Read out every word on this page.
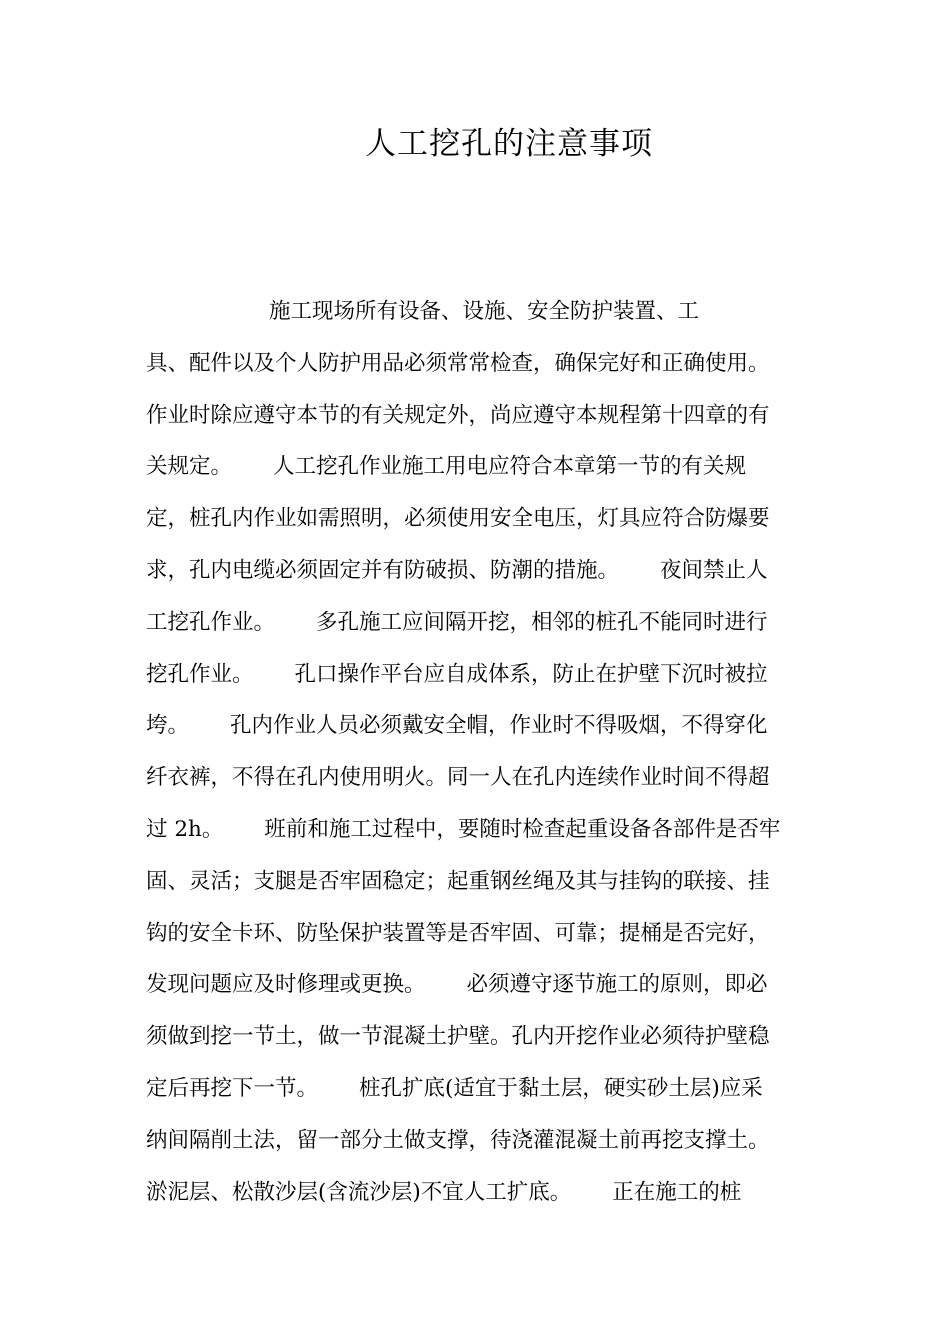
人工挖孔的注意事项
施工现场所有设备、设施、安全防护装置、工
具、配件以及个人防护用品必须常常检查，确保完好和正确使用。
作业时除应遵守本节的有关规定外，尚应遵守本规程第十四章的有
关规定。      人工挖孔作业施工用电应符合本章第一节的有关规
定，桩孔内作业如需照明，必须使用安全电压，灯具应符合防爆要
求，孔内电缆必须固定并有防破损、防潮的措施。      夜间禁止人
工挖孔作业。      多孔施工应间隔开挖，相邻的桩孔不能同时进行
挖孔作业。      孔口操作平台应自成体系，防止在护壁下沉时被拉
垮。      孔内作业人员必须戴安全帽，作业时不得吸烟，不得穿化
纤衣裤，不得在孔内使用明火。同一人在孔内连续作业时间不得超
过 2h。      班前和施工过程中，要随时检查起重设备各部件是否牢
固、灵活；支腿是否牢固稳定；起重钢丝绳及其与挂钩的联接、挂
钩的安全卡环、防坠保护装置等是否牢固、可靠；提桶是否完好，
发现问题应及时修理或更换。      必须遵守逐节施工的原则，即必
须做到挖一节土，做一节混凝土护壁。孔内开挖作业必须待护壁稳
定后再挖下一节。      桩孔扩底(适宜于黏土层，硬实砂土层)应采
纳间隔削土法，留一部分土做支撑，待浇灌混凝土前再挖支撑土。
淤泥层、松散沙层(含流沙层)不宜人工扩底。      正在施工的桩
